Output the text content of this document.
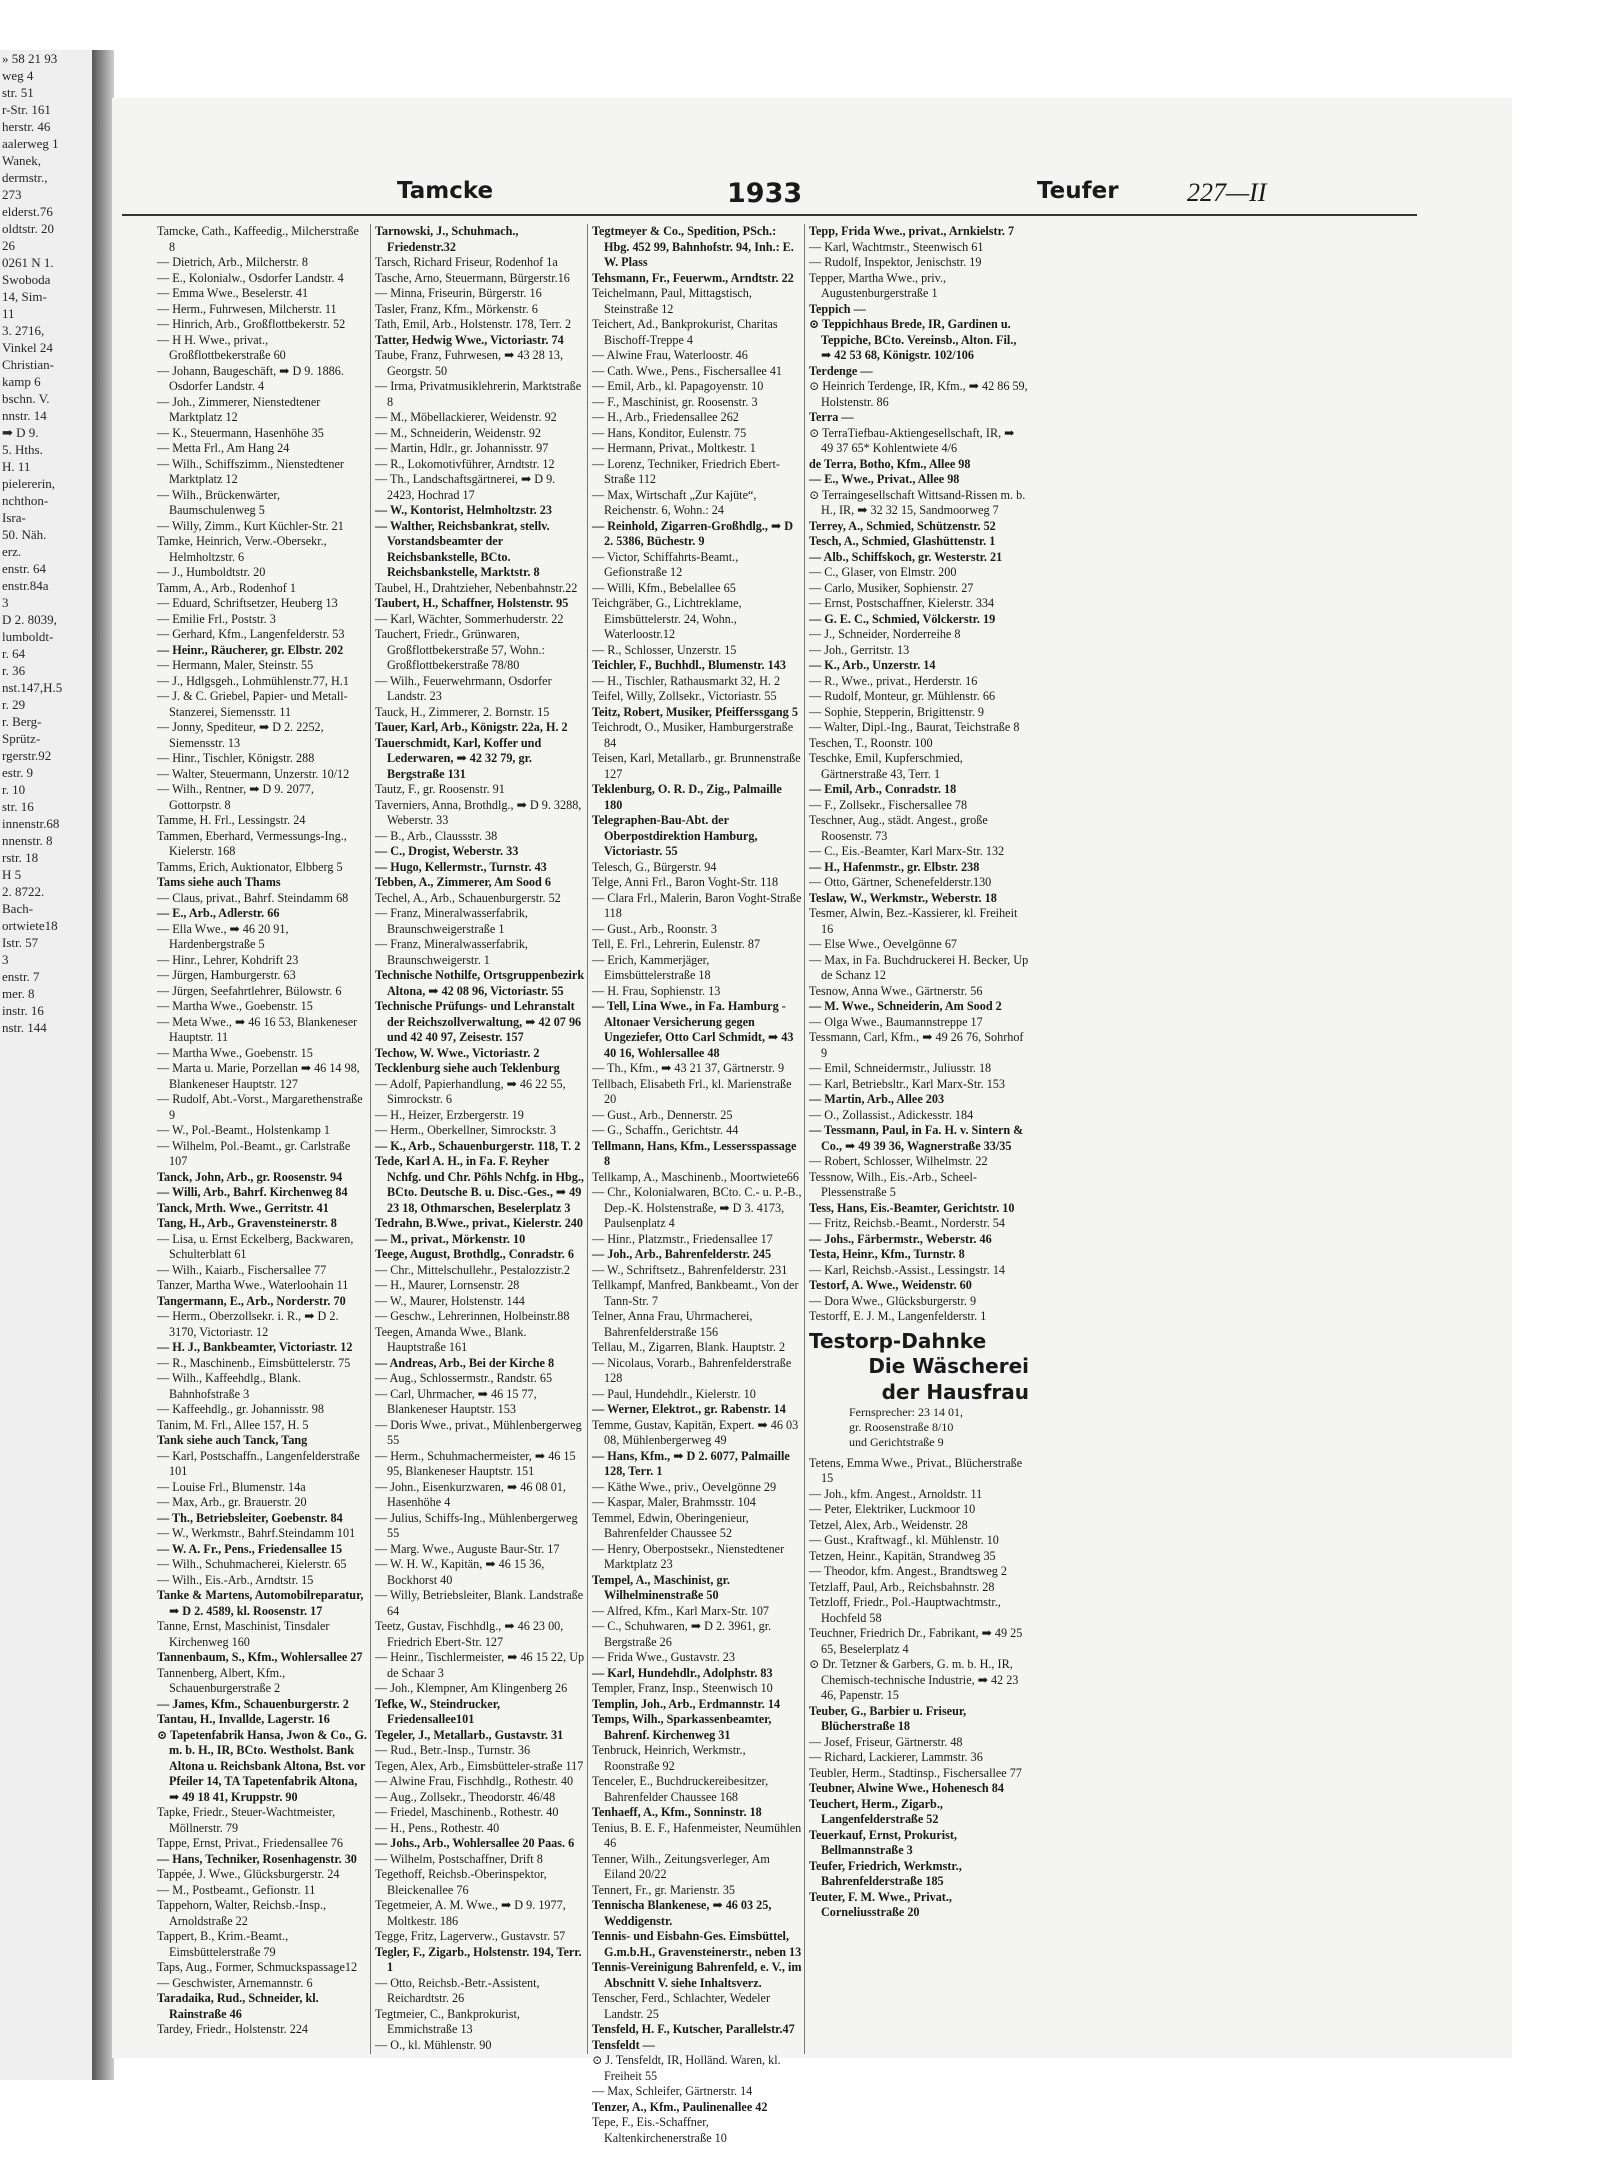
» 58 21 93
weg 4
str. 51
r-Str. 161
herstr. 46
aalerweg 1
Wanek,
dermstr.,
273
elderst.76
oldtstr. 20
26
0261 N 1.
Swoboda
14, Sim-
11
3. 2716,
Vinkel 24
Christian-
kamp 6
bschn. V.
nnstr. 14
➡ D 9.
5. Hths.
H. 11
pielererin,
nchthon-
Isra-
50. Näh.
erz.
enstr. 64
enstr.84a
3
D 2. 8039,
lumboldt-
r. 64
r. 36
nst.147,H.5
r. 29
r. Berg-
Sprütz-
rgerstr.92
estr. 9
r. 10
str. 16
innenstr.68
nnenstr. 8
rstr. 18
H 5
2. 8722.
Bach-
ortwiete18
Istr. 57
3
enstr. 7
mer. 8
instr. 16
nstr. 144
Tamcke	1933	Teufer	227—II

Tamcke, Cath., Kaffeedig., Milcherstraße 8

— Dietrich, Arb., Milcherstr. 8

— E., Kolonialw., Osdorfer Landstr. 4

— Emma Wwe., Beselerstr. 41

— Herm., Fuhrwesen, Milcherstr. 11

— Hinrich, Arb., Großflottbekerstr. 52

— H H. Wwe., privat., Großflottbekerstraße 60

— Johann, Baugeschäft, ➡ D 9. 1886. Osdorfer Landstr. 4

— Joh., Zimmerer, Nienstedtener Marktplatz 12

— K., Steuermann, Hasenhöhe 35

— Metta Frl., Am Hang 24

— Wilh., Schiffszimm., Nienstedtener Marktplatz 12

— Wilh., Brückenwärter, Baumschulenweg 5

— Willy, Zimm., Kurt Küchler-Str. 21

Tamke, Heinrich, Verw.-Obersekr., Helmholtzstr. 6

— J., Humboldtstr. 20

Tamm, A., Arb., Rodenhof 1

— Eduard, Schriftsetzer, Heuberg 13

— Emilie Frl., Poststr. 3

— Gerhard, Kfm., Langenfelderstr. 53

— Heinr., Räucherer, gr. Elbstr. 202

— Hermann, Maler, Steinstr. 55

— J., Hdlgsgeh., Lohmühlenstr.77, H.1

— J. & C. Griebel, Papier- und Metall-Stanzerei, Siemensstr. 11

— Jonny, Spediteur, ➡ D 2. 2252, Siemensstr. 13

— Hinr., Tischler, Königstr. 288

— Walter, Steuermann, Unzerstr. 10/12

— Wilh., Rentner, ➡ D 9. 2077, Gottorpstr. 8

Tamme, H. Frl., Lessingstr. 24

Tammen, Eberhard, Vermessungs-Ing., Kielerstr. 168

Tamms, Erich, Auktionator, Elbberg 5

Tams siehe auch Thams

— Claus, privat., Bahrf. Steindamm 68

— E., Arb., Adlerstr. 66

— Ella Wwe., ➡ 46 20 91, Hardenbergstraße 5

— Hinr., Lehrer, Kohdrift 23

— Jürgen, Hamburgerstr. 63

— Jürgen, Seefahrtlehrer, Bülowstr. 6

— Martha Wwe., Goebenstr. 15

— Meta Wwe., ➡ 46 16 53, Blankeneser Hauptstr. 11

— Martha Wwe., Goebenstr. 15

— Marta u. Marie, Porzellan ➡ 46 14 98, Blankeneser Hauptstr. 127

— Rudolf, Abt.-Vorst., Margarethenstraße 9

— W., Pol.-Beamt., Holstenkamp 1

— Wilhelm, Pol.-Beamt., gr. Carlstraße 107

Tanck, John, Arb., gr. Roosenstr. 94

— Willi, Arb., Bahrf. Kirchenweg 84

Tanck, Mrth. Wwe., Gerritstr. 41

Tang, H., Arb., Gravensteinerstr. 8

— Lisa, u. Ernst Eckelberg, Backwaren, Schulterblatt 61

— Wilh., Kaiarb., Fischersallee 77

Tanzer, Martha Wwe., Waterloohain 11

Tangermann, E., Arb., Norderstr. 70

— Herm., Oberzollsekr. i. R., ➡ D 2. 3170, Victoriastr. 12

— H. J., Bankbeamter, Victoriastr. 12

— R., Maschinenb., Eimsbüttelerstr. 75

— Wilh., Kaffeehdlg., Blank. Bahnhofstraße 3

— Kaffeehdlg., gr. Johannisstr. 98

Tanim, M. Frl., Allee 157, H. 5

Tank siehe auch Tanck, Tang

— Karl, Postschaffn., Langenfelderstraße 101

— Louise Frl., Blumenstr. 14a

— Max, Arb., gr. Brauerstr. 20

— Th., Betriebsleiter, Goebenstr. 84

— W., Werkmstr., Bahrf.Steindamm 101

— W. A. Fr., Pens., Friedensallee 15

— Wilh., Schuhmacherei, Kielerstr. 65

— Wilh., Eis.-Arb., Arndtstr. 15

Tanke & Martens, Automobilreparatur, ➡ D 2. 4589, kl. Roosenstr. 17

Tanne, Ernst, Maschinist, Tinsdaler Kirchenweg 160

Tannenbaum, S., Kfm., Wohlersallee 27

Tannenberg, Albert, Kfm., Schauenburgerstraße 2

— James, Kfm., Schauenburgerstr. 2

Tantau, H., Invallde, Lagerstr. 16

⊙ Tapetenfabrik Hansa, Jwon & Co., G. m. b. H., IR, BCto. Westholst. Bank Altona u. Reichsbank Altona, Bst. vor Pfeiler 14, TA Tapetenfabrik Altona, ➡ 49 18 41, Kruppstr. 90

Tapke, Friedr., Steuer-Wachtmeister, Möllnerstr. 79

Tappe, Ernst, Privat., Friedensallee 76

— Hans, Techniker, Rosenhagenstr. 30

Tappée, J. Wwe., Glücksburgerstr. 24

— M., Postbeamt., Gefionstr. 11

Tappehorn, Walter, Reichsb.-Insp., Arnoldstraße 22

Tappert, B., Krim.-Beamt., Eimsbüttelerstraße 79

Taps, Aug., Former, Schmuckspassage12

— Geschwister, Arnemannstr. 6

Taradaika, Rud., Schneider, kl. Rainstraße 46

Tardey, Friedr., Holstenstr. 224

Tarnowski, J., Schuhmach., Friedenstr.32

Tarsch, Richard Friseur, Rodenhof 1a

Tasche, Arno, Steuermann, Bürgerstr.16

— Minna, Friseurin, Bürgerstr. 16

Tasler, Franz, Kfm., Mörkenstr. 6

Tath, Emil, Arb., Holstenstr. 178, Terr. 2

Tatter, Hedwig Wwe., Victoriastr. 74

Taube, Franz, Fuhrwesen, ➡ 43 28 13, Georgstr. 50

— Irma, Privatmusiklehrerin, Marktstraße 8

— M., Möbellackierer, Weidenstr. 92

— M., Schneiderin, Weidenstr. 92

— Martin, Hdlr., gr. Johannisstr. 97

— R., Lokomotivführer, Arndtstr. 12

— Th., Landschaftsgärtnerei, ➡ D 9. 2423, Hochrad 17

— W., Kontorist, Helmholtzstr. 23

— Walther, Reichsbankrat, stellv. Vorstandsbeamter der Reichsbankstelle, BCto. Reichsbankstelle, Marktstr. 8

Taubel, H., Drahtzieher, Nebenbahnstr.22

Taubert, H., Schaffner, Holstenstr. 95

— Karl, Wächter, Sommerhuderstr. 22

Tauchert, Friedr., Grünwaren, Großflottbekerstraße 57, Wohn.: Großflottbekerstraße 78/80

— Wilh., Feuerwehrmann, Osdorfer Landstr. 23

Tauck, H., Zimmerer, 2. Bornstr. 15

Tauer, Karl, Arb., Königstr. 22a, H. 2

Tauerschmidt, Karl, Koffer und Lederwaren, ➡ 42 32 79, gr. Bergstraße 131

Tautz, F., gr. Roosenstr. 91

Taverniers, Anna, Brothdlg., ➡ D 9. 3288, Weberstr. 33

— B., Arb., Claussstr. 38

— C., Drogist, Weberstr. 33

— Hugo, Kellermstr., Turnstr. 43

Tebben, A., Zimmerer, Am Sood 6

Techel, A., Arb., Schauenburgerstr. 52

— Franz, Mineralwasserfabrik, Braunschweigerstraße 1

— Franz, Mineralwasserfabrik, Braunschweigerstr. 1

Technische Nothilfe, Ortsgruppenbezirk Altona, ➡ 42 08 96, Victoriastr. 55

Technische Prüfungs- und Lehranstalt der Reichszollverwaltung, ➡ 42 07 96 und 42 40 97, Zeisestr. 157

Techow, W. Wwe., Victoriastr. 2

Tecklenburg siehe auch Teklenburg

— Adolf, Papierhandlung, ➡ 46 22 55, Simrockstr. 6

— H., Heizer, Erzbergerstr. 19

— Herm., Oberkellner, Simrockstr. 3

— K., Arb., Schauenburgerstr. 118, T. 2

Tede, Karl A. H., in Fa. F. Reyher Nchfg. und Chr. Pöhls Nchfg. in Hbg., BCto. Deutsche B. u. Disc.-Ges., ➡ 49 23 18, Othmarschen, Beselerplatz 3

Tedrahn, B.Wwe., privat., Kielerstr. 240

— M., privat., Mörkenstr. 10

Teege, August, Brothdlg., Conradstr. 6

— Chr., Mittelschullehr., Pestalozzistr.2

— H., Maurer, Lornsenstr. 28

— W., Maurer, Holstenstr. 144

— Geschw., Lehrerinnen, Holbeinstr.88

Teegen, Amanda Wwe., Blank. Hauptstraße 161

— Andreas, Arb., Bei der Kirche 8

— Aug., Schlossermstr., Randstr. 65

— Carl, Uhrmacher, ➡ 46 15 77, Blankeneser Hauptstr. 153

— Doris Wwe., privat., Mühlenbergerweg 55

— Herm., Schuhmachermeister, ➡ 46 15 95, Blankeneser Hauptstr. 151

— John., Eisenkurzwaren, ➡ 46 08 01, Hasenhöhe 4

— Julius, Schiffs-Ing., Mühlenbergerweg 55

— Marg. Wwe., Auguste Baur-Str. 17

— W. H. W., Kapitän, ➡ 46 15 36, Bockhorst 40

— Willy, Betriebsleiter, Blank. Landstraße 64

Teetz, Gustav, Fischhdlg., ➡ 46 23 00, Friedrich Ebert-Str. 127

— Heinr., Tischlermeister, ➡ 46 15 22, Up de Schaar 3

— Joh., Klempner, Am Klingenberg 26

Tefke, W., Steindrucker, Friedensallee101

Tegeler, J., Metallarb., Gustavstr. 31

— Rud., Betr.-Insp., Turnstr. 36

Tegen, Alex, Arb., Eimsbütteler-straße 117

— Alwine Frau, Fischhdlg., Rothestr. 40

— Aug., Zollsekr., Theodorstr. 46/48

— Friedel, Maschinenb., Rothestr. 40

— H., Pens., Rothestr. 40

— Johs., Arb., Wohlersallee 20 Paas. 6

— Wilhelm, Postschaffner, Drift 8

Tegethoff, Reichsb.-Oberinspektor, Bleickenallee 76

Tegetmeier, A. M. Wwe., ➡ D 9. 1977, Moltkestr. 186

Tegge, Fritz, Lagerverw., Gustavstr. 57

Tegler, F., Zigarb., Holstenstr. 194, Terr. 1

— Otto, Reichsb.-Betr.-Assistent, Reichardtstr. 26

Tegtmeier, C., Bankprokurist, Emmichstraße 13

— O., kl. Mühlenstr. 90

Tegtmeyer & Co., Spedition, PSch.: Hbg. 452 99, Bahnhofstr. 94, Inh.: E. W. Plass

Tehsmann, Fr., Feuerwm., Arndtstr. 22

Teichelmann, Paul, Mittagstisch, Steinstraße 12

Teichert, Ad., Bankprokurist, Charitas Bischoff-Treppe 4

— Alwine Frau, Waterloostr. 46

— Cath. Wwe., Pens., Fischersallee 41

— Emil, Arb., kl. Papagoyenstr. 10

— F., Maschinist, gr. Roosenstr. 3

— H., Arb., Friedensallee 262

— Hans, Konditor, Eulenstr. 75

— Hermann, Privat., Moltkestr. 1

— Lorenz, Techniker, Friedrich Ebert-Straße 112

— Max, Wirtschaft „Zur Kajüte“, Reichenstr. 6, Wohn.: 24

— Reinhold, Zigarren-Großhdlg., ➡ D 2. 5386, Büchestr. 9

— Victor, Schiffahrts-Beamt., Gefionstraße 12

— Willi, Kfm., Bebelallee 65

Teichgräber, G., Lichtreklame, Eimsbüttelerstr. 24, Wohn., Waterloostr.12

— R., Schlosser, Unzerstr. 15

Teichler, F., Buchhdl., Blumenstr. 143

— H., Tischler, Rathausmarkt 32, H. 2

Teifel, Willy, Zollsekr., Victoriastr. 55

Teitz, Robert, Musiker, Pfeifferssgang 5

Teichrodt, O., Musiker, Hamburgerstraße 84

Teisen, Karl, Metallarb., gr. Brunnenstraße 127

Teklenburg, O. R. D., Zig., Palmaille 180

Telegraphen-Bau-Abt. der Oberpostdirektion Hamburg, Victoriastr. 55

Telesch, G., Bürgerstr. 94

Telge, Anni Frl., Baron Voght-Str. 118

— Clara Frl., Malerin, Baron Voght-Straße 118

— Gust., Arb., Roonstr. 3

Tell, E. Frl., Lehrerin, Eulenstr. 87

— Erich, Kammerjäger, Eimsbüttelerstraße 18

— H. Frau, Sophienstr. 13

— Tell, Lina Wwe., in Fa. Hamburg - Altonaer Versicherung gegen Ungeziefer, Otto Carl Schmidt, ➡ 43 40 16, Wohlersallee 48

— Th., Kfm., ➡ 43 21 37, Gärtnerstr. 9

Tellbach, Elisabeth Frl., kl. Marienstraße 20

— Gust., Arb., Dennerstr. 25

— G., Schaffn., Gerichtstr. 44

Tellmann, Hans, Kfm., Lessersspassage 8

Tellkamp, A., Maschinenb., Moortwiete66

— Chr., Kolonialwaren, BCto. C.- u. P.-B., Dep.-K. Holstenstraße, ➡ D 3. 4173, Paulsenplatz 4

— Hinr., Platzmstr., Friedensallee 17

— Joh., Arb., Bahrenfelderstr. 245

— W., Schriftsetz., Bahrenfelderstr. 231

Tellkampf, Manfred, Bankbeamt., Von der Tann-Str. 7

Telner, Anna Frau, Uhrmacherei, Bahrenfelderstraße 156

Tellau, M., Zigarren, Blank. Hauptstr. 2

— Nicolaus, Vorarb., Bahrenfelderstraße 128

— Paul, Hundehdlr., Kielerstr. 10

— Werner, Elektrot., gr. Rabenstr. 14

Temme, Gustav, Kapitän, Expert. ➡ 46 03 08, Mühlenbergerweg 49

— Hans, Kfm., ➡ D 2. 6077, Palmaille 128, Terr. 1

— Käthe Wwe., priv., Oevelgönne 29

— Kaspar, Maler, Brahmsstr. 104

Temmel, Edwin, Oberingenieur, Bahrenfelder Chaussee 52

— Henry, Oberpostsekr., Nienstedtener Marktplatz 23

Tempel, A., Maschinist, gr. Wilhelminenstraße 50

— Alfred, Kfm., Karl Marx-Str. 107

— C., Schuhwaren, ➡ D 2. 3961, gr. Bergstraße 26

— Frida Wwe., Gustavstr. 23

— Karl, Hundehdlr., Adolphstr. 83

Templer, Franz, Insp., Steenwisch 10

Templin, Joh., Arb., Erdmannstr. 14

Temps, Wilh., Sparkassenbeamter, Bahrenf. Kirchenweg 31

Tenbruck, Heinrich, Werkmstr., Roonstraße 92

Tenceler, E., Buchdruckereibesitzer, Bahrenfelder Chaussee 168

Tenhaeff, A., Kfm., Sonninstr. 18

Tenius, B. E. F., Hafenmeister, Neumühlen 46

Tenner, Wilh., Zeitungsverleger, Am Eiland 20/22

Tennert, Fr., gr. Marienstr. 35

Tennischa Blankenese, ➡ 46 03 25, Weddigenstr.

Tennis- und Eisbahn-Ges. Eimsbüttel, G.m.b.H., Gravensteinerstr., neben 13

Tennis-Vereinigung Bahrenfeld, e. V., im Abschnitt V. siehe Inhaltsverz.

Tenscher, Ferd., Schlachter, Wedeler Landstr. 25

Tensfeld, H. F., Kutscher, Parallelstr.47

Tensfeldt —

⊙ J. Tensfeldt, IR, Holländ. Waren, kl. Freiheit 55

— Max, Schleifer, Gärtnerstr. 14

Tenzer, A., Kfm., Paulinenallee 42

Tepe, F., Eis.-Schaffner, Kaltenkirchenerstraße 10

Tepp, Frida Wwe., privat., Arnkielstr. 7

— Karl, Wachtmstr., Steenwisch 61

— Rudolf, Inspektor, Jenischstr. 19

Tepper, Martha Wwe., priv., Augustenburgerstraße 1

Teppich —

⊙ Teppichhaus Brede, IR, Gardinen u. Teppiche, BCto. Vereinsb., Alton. Fil., ➡ 42 53 68, Königstr. 102/106

Terdenge —

⊙ Heinrich Terdenge, IR, Kfm., ➡ 42 86 59, Holstenstr. 86

Terra —

⊙ TerraTiefbau-Aktiengesellschaft, IR, ➡ 49 37 65* Kohlentwiete 4/6

de Terra, Botho, Kfm., Allee 98

— E., Wwe., Privat., Allee 98

⊙ Terraingesellschaft Wittsand-Rissen m. b. H., IR, ➡ 32 32 15, Sandmoorweg 7

Terrey, A., Schmied, Schützenstr. 52

Tesch, A., Schmied, Glashüttenstr. 1

— Alb., Schiffskoch, gr. Westerstr. 21

— C., Glaser, von Elmstr. 200

— Carlo, Musiker, Sophienstr. 27

— Ernst, Postschaffner, Kielerstr. 334

— G. E. C., Schmied, Völckerstr. 19

— J., Schneider, Norderreihe 8

— Joh., Gerritstr. 13

— K., Arb., Unzerstr. 14

— R., Wwe., privat., Herderstr. 16

— Rudolf, Monteur, gr. Mühlenstr. 66

— Sophie, Stepperin, Brigittenstr. 9

— Walter, Dipl.-Ing., Baurat, Teichstraße 8

Teschen, T., Roonstr. 100

Teschke, Emil, Kupferschmied, Gärtnerstraße 43, Terr. 1

— Emil, Arb., Conradstr. 18

— F., Zollsekr., Fischersallee 78

Teschner, Aug., städt. Angest., große Roosenstr. 73

— C., Eis.-Beamter, Karl Marx-Str. 132

— H., Hafenmstr., gr. Elbstr. 238

— Otto, Gärtner, Schenefelderstr.130

Teslaw, W., Werkmstr., Weberstr. 18

Tesmer, Alwin, Bez.-Kassierer, kl. Freiheit 16

— Else Wwe., Oevelgönne 67

— Max, in Fa. Buchdruckerei H. Becker, Up de Schanz 12

Tesnow, Anna Wwe., Gärtnerstr. 56

— M. Wwe., Schneiderin, Am Sood 2

— Olga Wwe., Baumannstreppe 17

Tessmann, Carl, Kfm., ➡ 49 26 76, Sohrhof 9

— Emil, Schneidermstr., Juliusstr. 18

— Karl, Betriebsltr., Karl Marx-Str. 153

— Martin, Arb., Allee 203

— O., Zollassist., Adickesstr. 184

— Tessmann, Paul, in Fa. H. v. Sintern & Co., ➡ 49 39 36, Wagnerstraße 33/35

— Robert, Schlosser, Wilhelmstr. 22

Tessnow, Wilh., Eis.-Arb., Scheel-Plessenstraße 5

Tess, Hans, Eis.-Beamter, Gerichtstr. 10

— Fritz, Reichsb.-Beamt., Norderstr. 54

— Johs., Färbermstr., Weberstr. 46

Testa, Heinr., Kfm., Turnstr. 8

— Karl, Reichsb.-Assist., Lessingstr. 14

Testorf, A. Wwe., Weidenstr. 60

— Dora Wwe., Glücksburgerstr. 9

Testorff, E. J. M., Langenfelderstr. 1

Testorp-Dahnke
Die Wäscherei
der Hausfrau
Fernsprecher: 23 14 01,
gr. Roosenstraße 8/10
und Gerichtstraße 9

Tetens, Emma Wwe., Privat., Blücherstraße 15

— Joh., kfm. Angest., Arnoldstr. 11

— Peter, Elektriker, Luckmoor 10

Tetzel, Alex, Arb., Weidenstr. 28

— Gust., Kraftwagf., kl. Mühlenstr. 10

Tetzen, Heinr., Kapitän, Strandweg 35

— Theodor, kfm. Angest., Brandtsweg 2

Tetzlaff, Paul, Arb., Reichsbahnstr. 28

Tetzloff, Friedr., Pol.-Hauptwachtmstr., Hochfeld 58

Teuchner, Friedrich Dr., Fabrikant, ➡ 49 25 65, Beselerplatz 4

⊙ Dr. Tetzner & Garbers, G. m. b. H., IR, Chemisch-technische Industrie, ➡ 42 23 46, Papenstr. 15

Teuber, G., Barbier u. Friseur, Blücherstraße 18

— Josef, Friseur, Gärtnerstr. 48

— Richard, Lackierer, Lammstr. 36

Teubler, Herm., Stadtinsp., Fischersallee 77

Teubner, Alwine Wwe., Hohenesch 84

Teuchert, Herm., Zigarb., Langenfelderstraße 52

Teuerkauf, Ernst, Prokurist, Bellmannstraße 3

Teufer, Friedrich, Werkmstr., Bahrenfelderstraße 185

Teuter, F. M. Wwe., Privat., Corneliusstraße 20
